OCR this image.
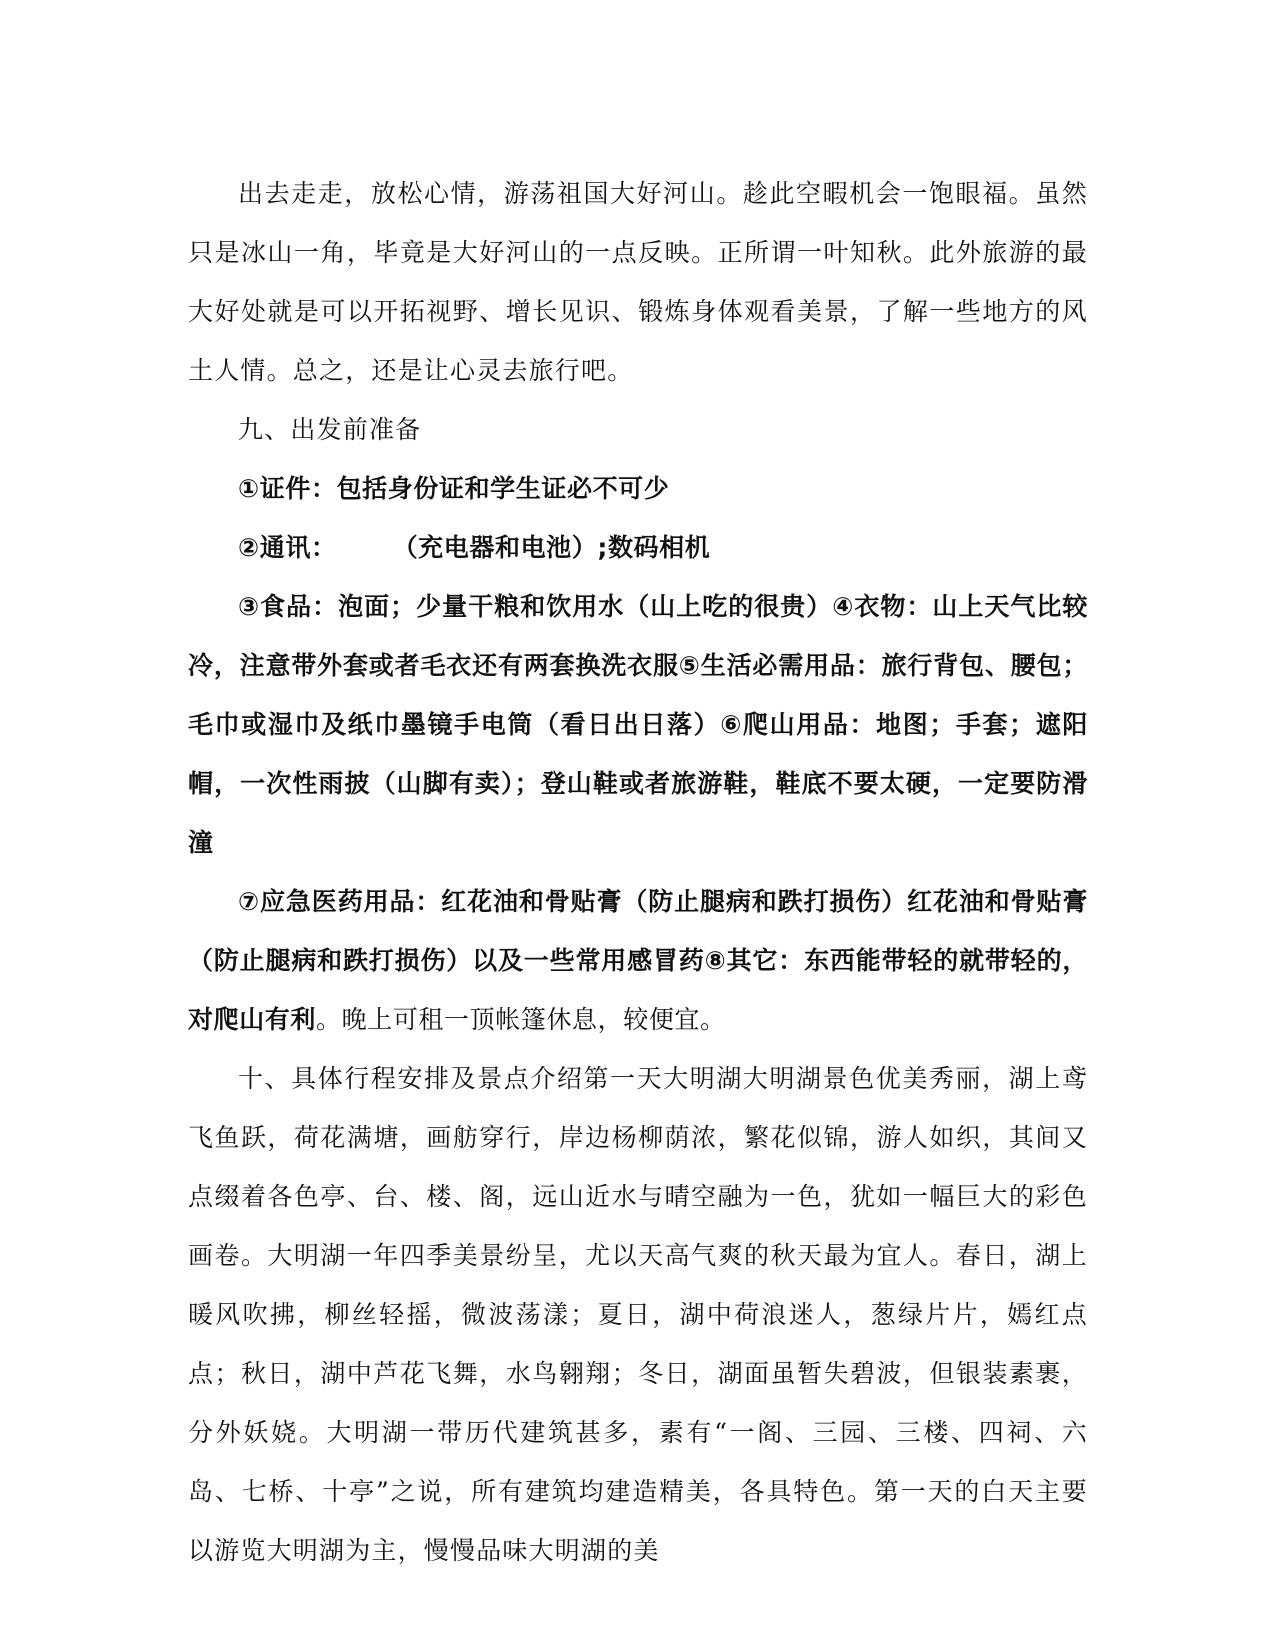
出去走走，放松心情，游荡祖国大好河山。趁此空暇机会一饱眼福。虽然只是冰山一角，毕竟是大好河山的一点反映。正所谓一叶知秋。此外旅游的最大好处就是可以开拓视野、增长见识、锻炼身体观看美景，了解一些地方的风土人情。总之，还是让心灵去旅行吧。

九、出发前准备

①证件：包括身份证和学生证必不可少

②通讯： （充电器和电池）;数码相机

③食品：泡面；少量干粮和饮用水（山上吃的很贵）④衣物：山上天气比较冷，注意带外套或者毛衣还有两套换洗衣服⑤生活必需用品：旅行背包、腰包；毛巾或湿巾及纸巾墨镜手电筒（看日出日落）⑥爬山用品：地图；手套；遮阳帽，一次性雨披（山脚有卖）；登山鞋或者旅游鞋，鞋底不要太硬，一定要防滑潼

⑦应急医药用品：红花油和骨贴膏（防止腿病和跌打损伤）红花油和骨贴膏（防止腿病和跌打损伤）以及一些常用感冒药⑧其它：东西能带轻的就带轻的，对爬山有利。晚上可租一顶帐篷休息，较便宜。

十、具体行程安排及景点介绍第一天大明湖大明湖景色优美秀丽，湖上鸢飞鱼跃，荷花满塘，画舫穿行，岸边杨柳荫浓，繁花似锦，游人如织，其间又点缀着各色亭、台、楼、阁，远山近水与晴空融为一色，犹如一幅巨大的彩色画卷。大明湖一年四季美景纷呈，尤以天高气爽的秋天最为宜人。春日，湖上暖风吹拂，柳丝轻摇，微波荡漾；夏日，湖中荷浪迷人，葱绿片片，嫣红点点；秋日，湖中芦花飞舞，水鸟翱翔；冬日，湖面虽暂失碧波，但银装素裹，分外妖娆。大明湖一带历代建筑甚多，素有“一阁、三园、三楼、四祠、六岛、七桥、十亭”之说，所有建筑均建造精美，各具特色。第一天的白天主要以游览大明湖为主，慢慢品味大明湖的美
